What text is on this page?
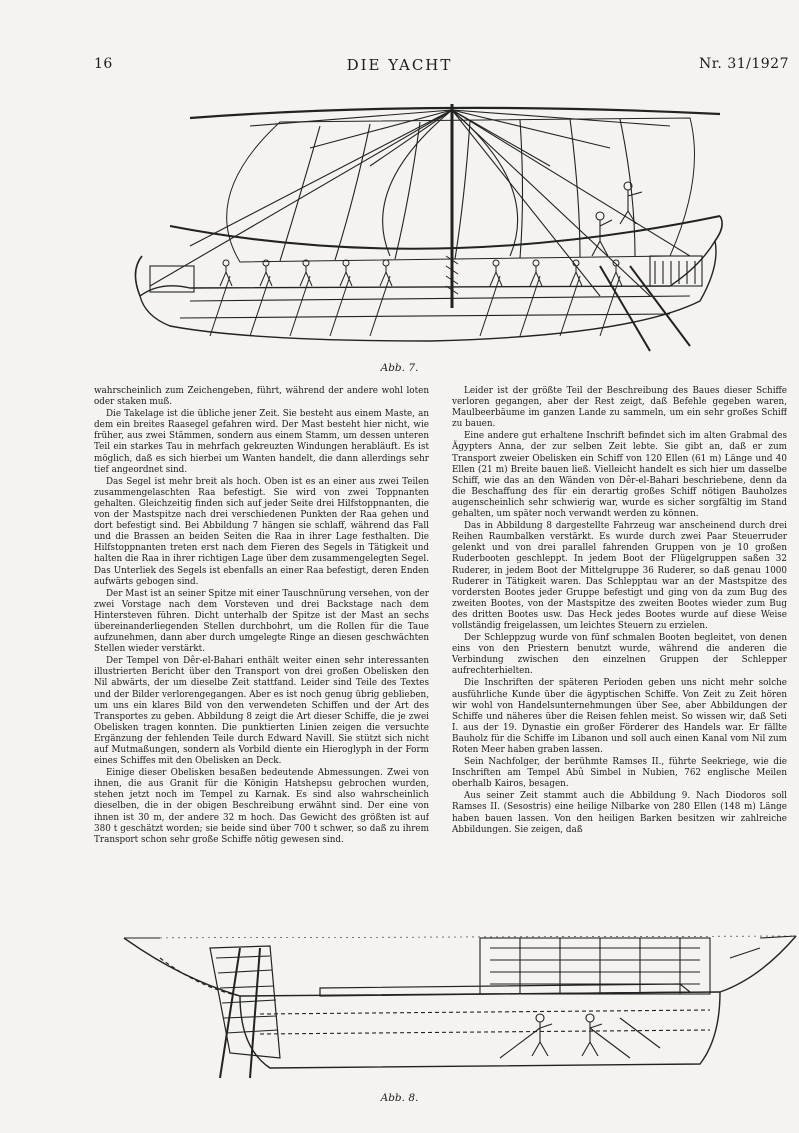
16	DIE YACHT	Nr. 31/1927
Abb. 7.

wahrscheinlich zum Zeichengeben, führt, während der andere wohl loten oder staken muß.

Die Takelage ist die übliche jener Zeit. Sie besteht aus einem Maste, an dem ein breites Raasegel gefahren wird. Der Mast besteht hier nicht, wie früher, aus zwei Stämmen, sondern aus einem Stamm, um dessen unteren Teil ein starkes Tau in mehrfach gekreuzten Windungen herabläuft. Es ist möglich, daß es sich hierbei um Wanten handelt, die dann allerdings sehr tief angeordnet sind.

Das Segel ist mehr breit als hoch. Oben ist es an einer aus zwei Teilen zusammengelaschten Raa befestigt. Sie wird von zwei Toppnanten gehalten. Gleichzeitig finden sich auf jeder Seite drei Hilfstoppnanten, die von der Mastspitze nach drei verschiedenen Punkten der Raa gehen und dort befestigt sind. Bei Abbildung 7 hängen sie schlaff, während das Fall und die Brassen an beiden Seiten die Raa in ihrer Lage festhalten. Die Hilfstoppnanten treten erst nach dem Fieren des Segels in Tätigkeit und halten die Raa in ihrer richtigen Lage über dem zusammengelegten Segel. Das Unterliek des Segels ist ebenfalls an einer Raa befestigt, deren Enden aufwärts gebogen sind.

Der Mast ist an seiner Spitze mit einer Tauschnürung versehen, von der zwei Vorstage nach dem Vorsteven und drei Backstage nach dem Hintersteven führen. Dicht unterhalb der Spitze ist der Mast an sechs übereinanderliegenden Stellen durchbohrt, um die Rollen für die Taue aufzunehmen, dann aber durch umgelegte Ringe an diesen geschwächten Stellen wieder verstärkt.

Der Tempel von Dêr-el-Bahari enthält weiter einen sehr interessanten illustrierten Bericht über den Transport von drei großen Obelisken den Nil abwärts, der um dieselbe Zeit stattfand. Leider sind Teile des Textes und der Bilder verlorengegangen. Aber es ist noch genug übrig geblieben, um uns ein klares Bild von den verwendeten Schiffen und der Art des Transportes zu geben. Abbildung 8 zeigt die Art dieser Schiffe, die je zwei Obelisken tragen konnten. Die punktierten Linien zeigen die versuchte Ergänzung der fehlenden Teile durch Edward Navill. Sie stützt sich nicht auf Mutmaßungen, sondern als Vorbild diente ein Hieroglyph in der Form eines Schiffes mit den Obelisken an Deck.

Einige dieser Obelisken besaßen bedeutende Abmessungen. Zwei von ihnen, die aus Granit für die Königin Hatshepsu gebrochen wurden, stehen jetzt noch im Tempel zu Karnak. Es sind also wahrscheinlich dieselben, die in der obigen Beschreibung erwähnt sind. Der eine von ihnen ist 30 m, der andere 32 m hoch. Das Gewicht des größten ist auf 380 t geschätzt worden; sie beide sind über 700 t schwer, so daß zu ihrem Transport schon sehr große Schiffe nötig gewesen sind.

Leider ist der größte Teil der Beschreibung des Baues dieser Schiffe verloren gegangen, aber der Rest zeigt, daß Befehle gegeben waren, Maulbeerbäume im ganzen Lande zu sammeln, um ein sehr großes Schiff zu bauen.

Eine andere gut erhaltene Inschrift befindet sich im alten Grabmal des Ägypters Anna, der zur selben Zeit lebte. Sie gibt an, daß er zum Transport zweier Obelisken ein Schiff von 120 Ellen (61 m) Länge und 40 Ellen (21 m) Breite bauen ließ. Vielleicht handelt es sich hier um dasselbe Schiff, wie das an den Wänden von Dêr-el-Bahari beschriebene, denn da die Beschaffung des für ein derartig großes Schiff nötigen Bauholzes augenscheinlich sehr schwierig war, wurde es sicher sorgfältig im Stand gehalten, um später noch verwandt werden zu können.

Das in Abbildung 8 dargestellte Fahrzeug war anscheinend durch drei Reihen Raumbalken verstärkt. Es wurde durch zwei Paar Steuerruder gelenkt und von drei parallel fahrenden Gruppen von je 10 großen Ruderbooten geschleppt. In jedem Boot der Flügelgruppen saßen 32 Ruderer, in jedem Boot der Mittelgruppe 36 Ruderer, so daß genau 1000 Ruderer in Tätigkeit waren. Das Schlepptau war an der Mastspitze des vordersten Bootes jeder Gruppe befestigt und ging von da zum Bug des zweiten Bootes, von der Mastspitze des zweiten Bootes wieder zum Bug des dritten Bootes usw. Das Heck jedes Bootes wurde auf diese Weise vollständig freigelassen, um leichtes Steuern zu erzielen.

Der Schleppzug wurde von fünf schmalen Booten begleitet, von denen eins von den Priestern benutzt wurde, während die anderen die Verbindung zwischen den einzelnen Gruppen der Schlepper aufrechterhielten.

Die Inschriften der späteren Perioden geben uns nicht mehr solche ausführliche Kunde über die ägyptischen Schiffe. Von Zeit zu Zeit hören wir wohl von Handelsunternehmungen über See, aber Abbildungen der Schiffe und näheres über die Reisen fehlen meist. So wissen wir, daß Seti I. aus der 19. Dynastie ein großer Förderer des Handels war. Er fällte Bauholz für die Schiffe im Libanon und soll auch einen Kanal vom Nil zum Roten Meer haben graben lassen.

Sein Nachfolger, der berühmte Ramses II., führte Seekriege, wie die Inschriften am Tempel Abû Simbel in Nubien, 762 englische Meilen oberhalb Kairos, besagen.

Aus seiner Zeit stammt auch die Abbildung 9. Nach Diodoros soll Ramses II. (Sesostris) eine heilige Nilbarke von 280 Ellen (148 m) Länge haben bauen lassen. Von den heiligen Barken besitzen wir zahlreiche Abbildungen. Sie zeigen, daß

Abb. 8.
